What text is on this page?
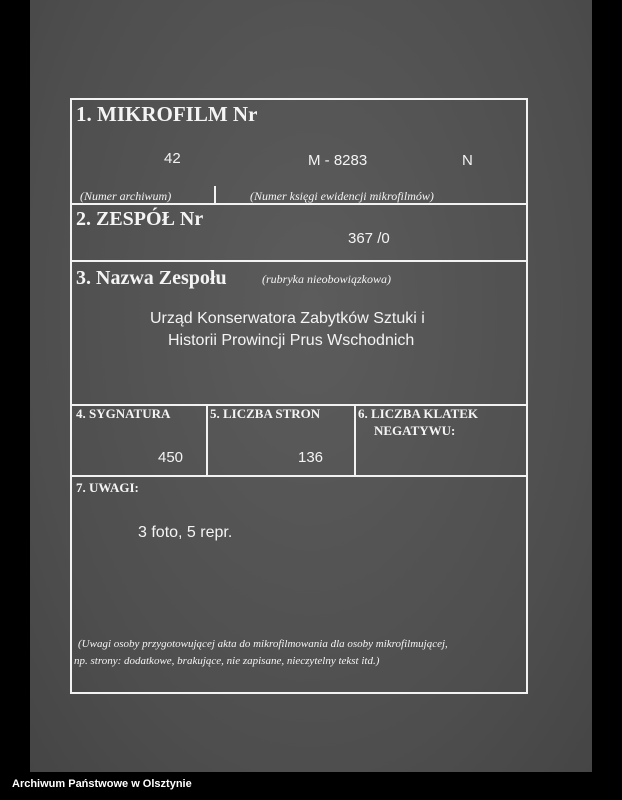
1. MIKROFILM Nr
42	M - 8283	N
(Numer archiwum)	(Numer księgi ewidencji mikrofilmów)
2. ZESPÓŁ Nr
367 /0
3. Nazwa Zespołu	(rubryka nieobowiązkowa)
Urząd Konserwatora Zabytków Sztuki i
Historii Prowincji Prus Wschodnich
4. SYGNATURA
450
5. LICZBA STRON
136
6. LICZBA KLATEK
NEGATYWU:
7. UWAGI:
3 foto, 5 repr.
(Uwagi osoby przygotowującej akta do mikrofilmowania dla osoby mikrofilmującej,
np. strony: dodatkowe, brakujące, nie zapisane, nieczytelny tekst itd.)
Archiwum Państwowe w Olsztynie
